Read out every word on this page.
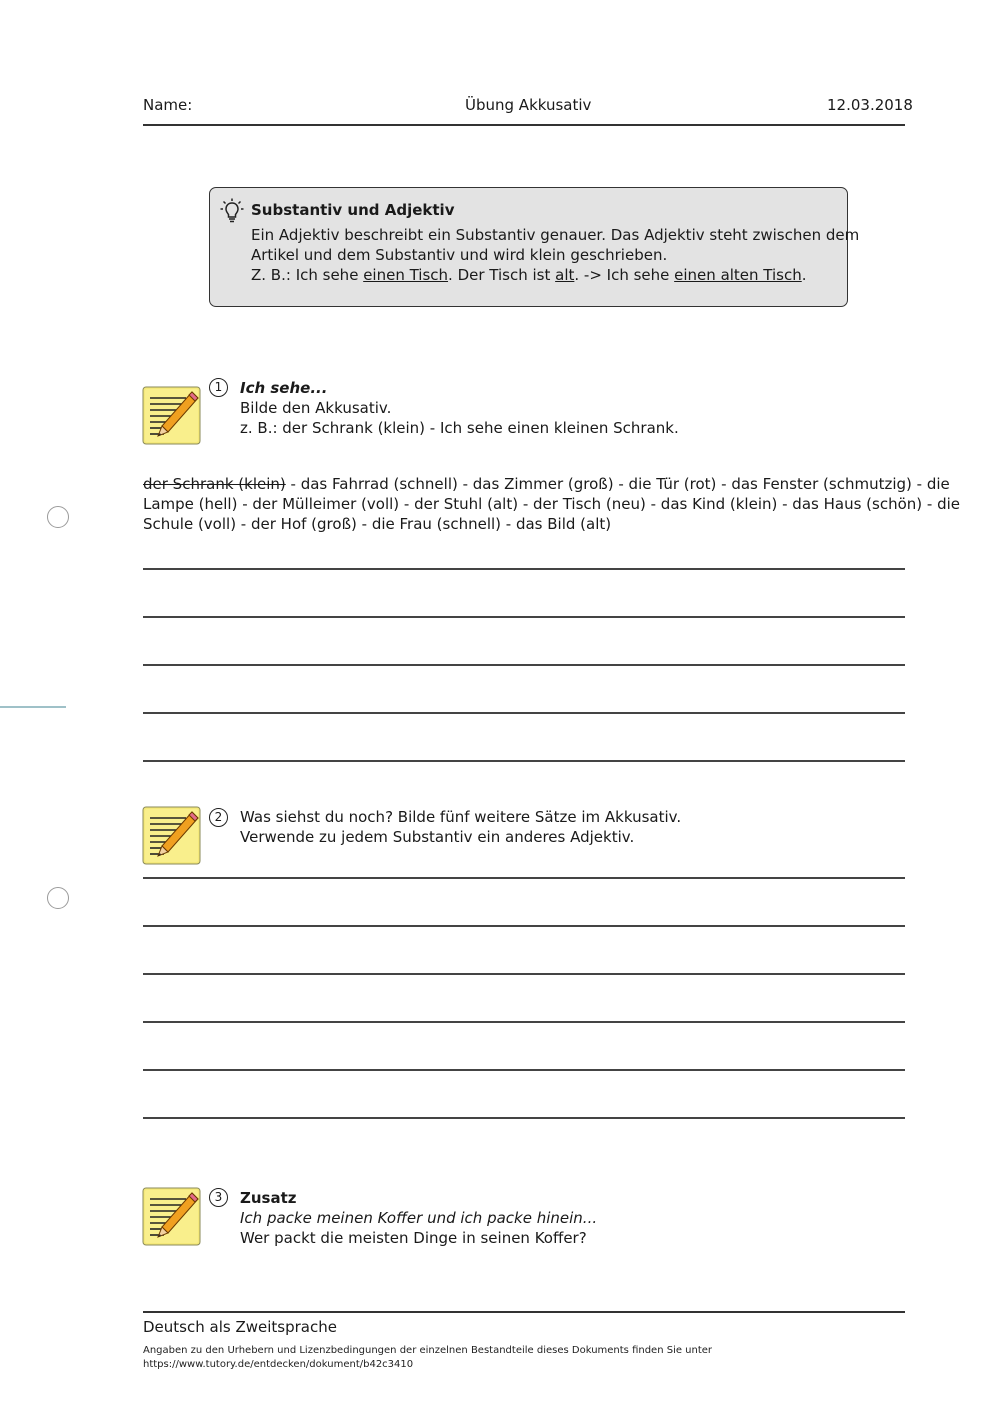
Name:	Übung Akkusativ	12.03.2018
Substantiv und Adjektiv
Ein Adjektiv beschreibt ein Substantiv genauer. Das Adjektiv steht zwischen dem
Artikel und dem Substantiv und wird klein geschrieben.
Z. B.: Ich sehe einen Tisch. Der Tisch ist alt. -> Ich sehe einen alten Tisch.
1	Ich sehe...
Bilde den Akkusativ.
z. B.: der Schrank (klein) - Ich sehe einen kleinen Schrank.
der Schrank (klein) - das Fahrrad (schnell) - das Zimmer (groß) - die Tür (rot) - das Fenster (schmutzig) - die
Lampe (hell) - der Mülleimer (voll) - der Stuhl (alt) - der Tisch (neu) - das Kind (klein) - das Haus (schön) - die
Schule (voll) - der Hof (groß) - die Frau (schnell) - das Bild (alt)
2	Was siehst du noch? Bilde fünf weitere Sätze im Akkusativ.
Verwende zu jedem Substantiv ein anderes Adjektiv.
3	Zusatz
Ich packe meinen Koffer und ich packe hinein...
Wer packt die meisten Dinge in seinen Koffer?
Deutsch als Zweitsprache
Angaben zu den Urhebern und Lizenzbedingungen der einzelnen Bestandteile dieses Dokuments finden Sie unter
https://www.tutory.de/entdecken/dokument/b42c3410
